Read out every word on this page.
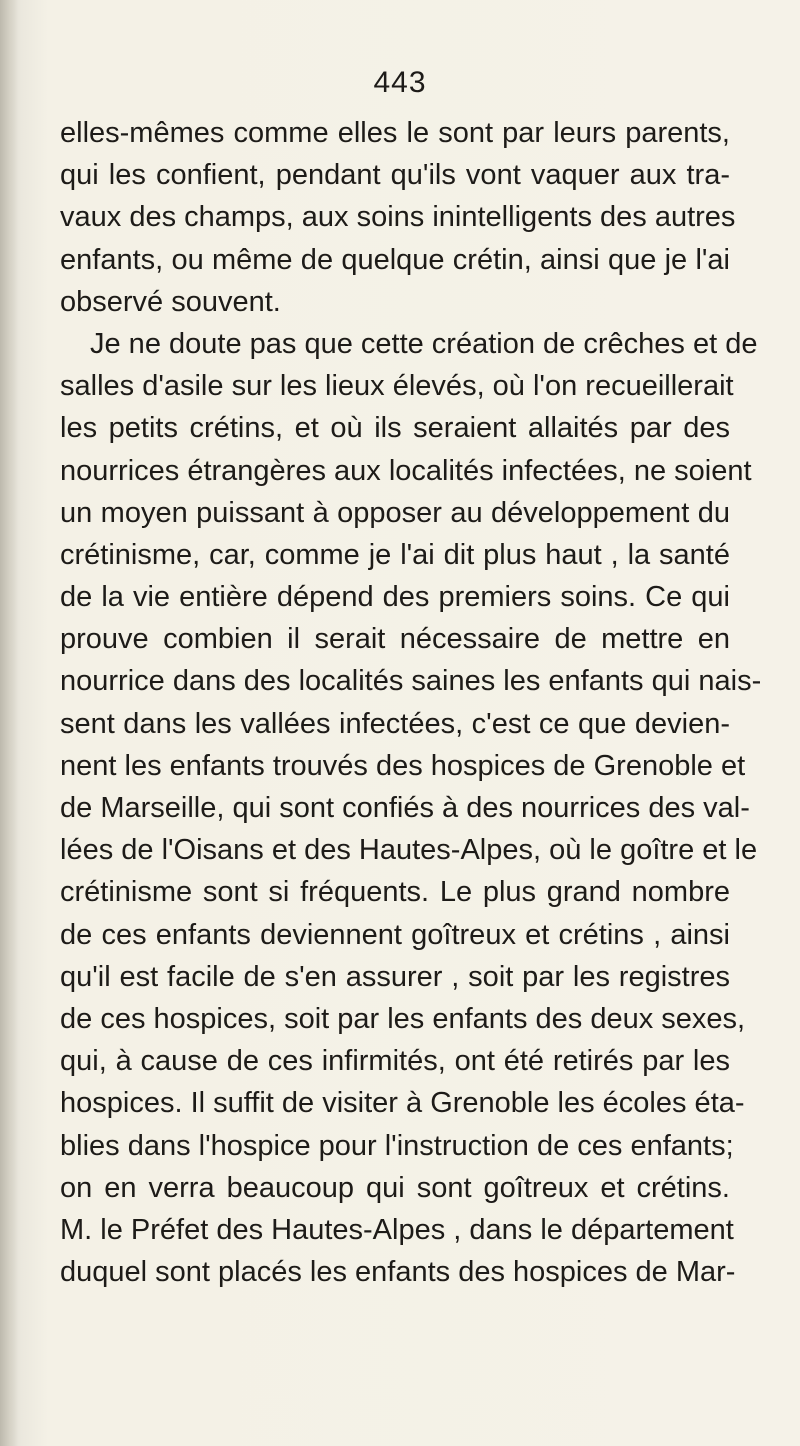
443
elles-mêmes comme elles le sont par leurs parents,
qui les confient, pendant qu'ils vont vaquer aux tra-
vaux des champs, aux soins inintelligents des autres
enfants, ou même de quelque crétin, ainsi que je l'ai
observé souvent.
Je ne doute pas que cette création de crêches et de
salles d'asile sur les lieux élevés, où l'on recueillerait
les petits crétins, et où ils seraient allaités par des
nourrices étrangères aux localités infectées, ne soient
un moyen puissant à opposer au développement du
crétinisme, car, comme je l'ai dit plus haut , la santé
de la vie entière dépend des premiers soins. Ce qui
prouve combien il serait nécessaire de mettre en
nourrice dans des localités saines les enfants qui nais-
sent dans les vallées infectées, c'est ce que devien-
nent les enfants trouvés des hospices de Grenoble et
de Marseille, qui sont confiés à des nourrices des val-
lées de l'Oisans et des Hautes-Alpes, où le goître et le
crétinisme sont si fréquents. Le plus grand nombre
de ces enfants deviennent goîtreux et crétins , ainsi
qu'il est facile de s'en assurer , soit par les registres
de ces hospices, soit par les enfants des deux sexes,
qui, à cause de ces infirmités, ont été retirés par les
hospices. Il suffit de visiter à Grenoble les écoles éta-
blies dans l'hospice pour l'instruction de ces enfants;
on en verra beaucoup qui sont goîtreux et crétins.
M. le Préfet des Hautes-Alpes , dans le département
duquel sont placés les enfants des hospices de Mar-
